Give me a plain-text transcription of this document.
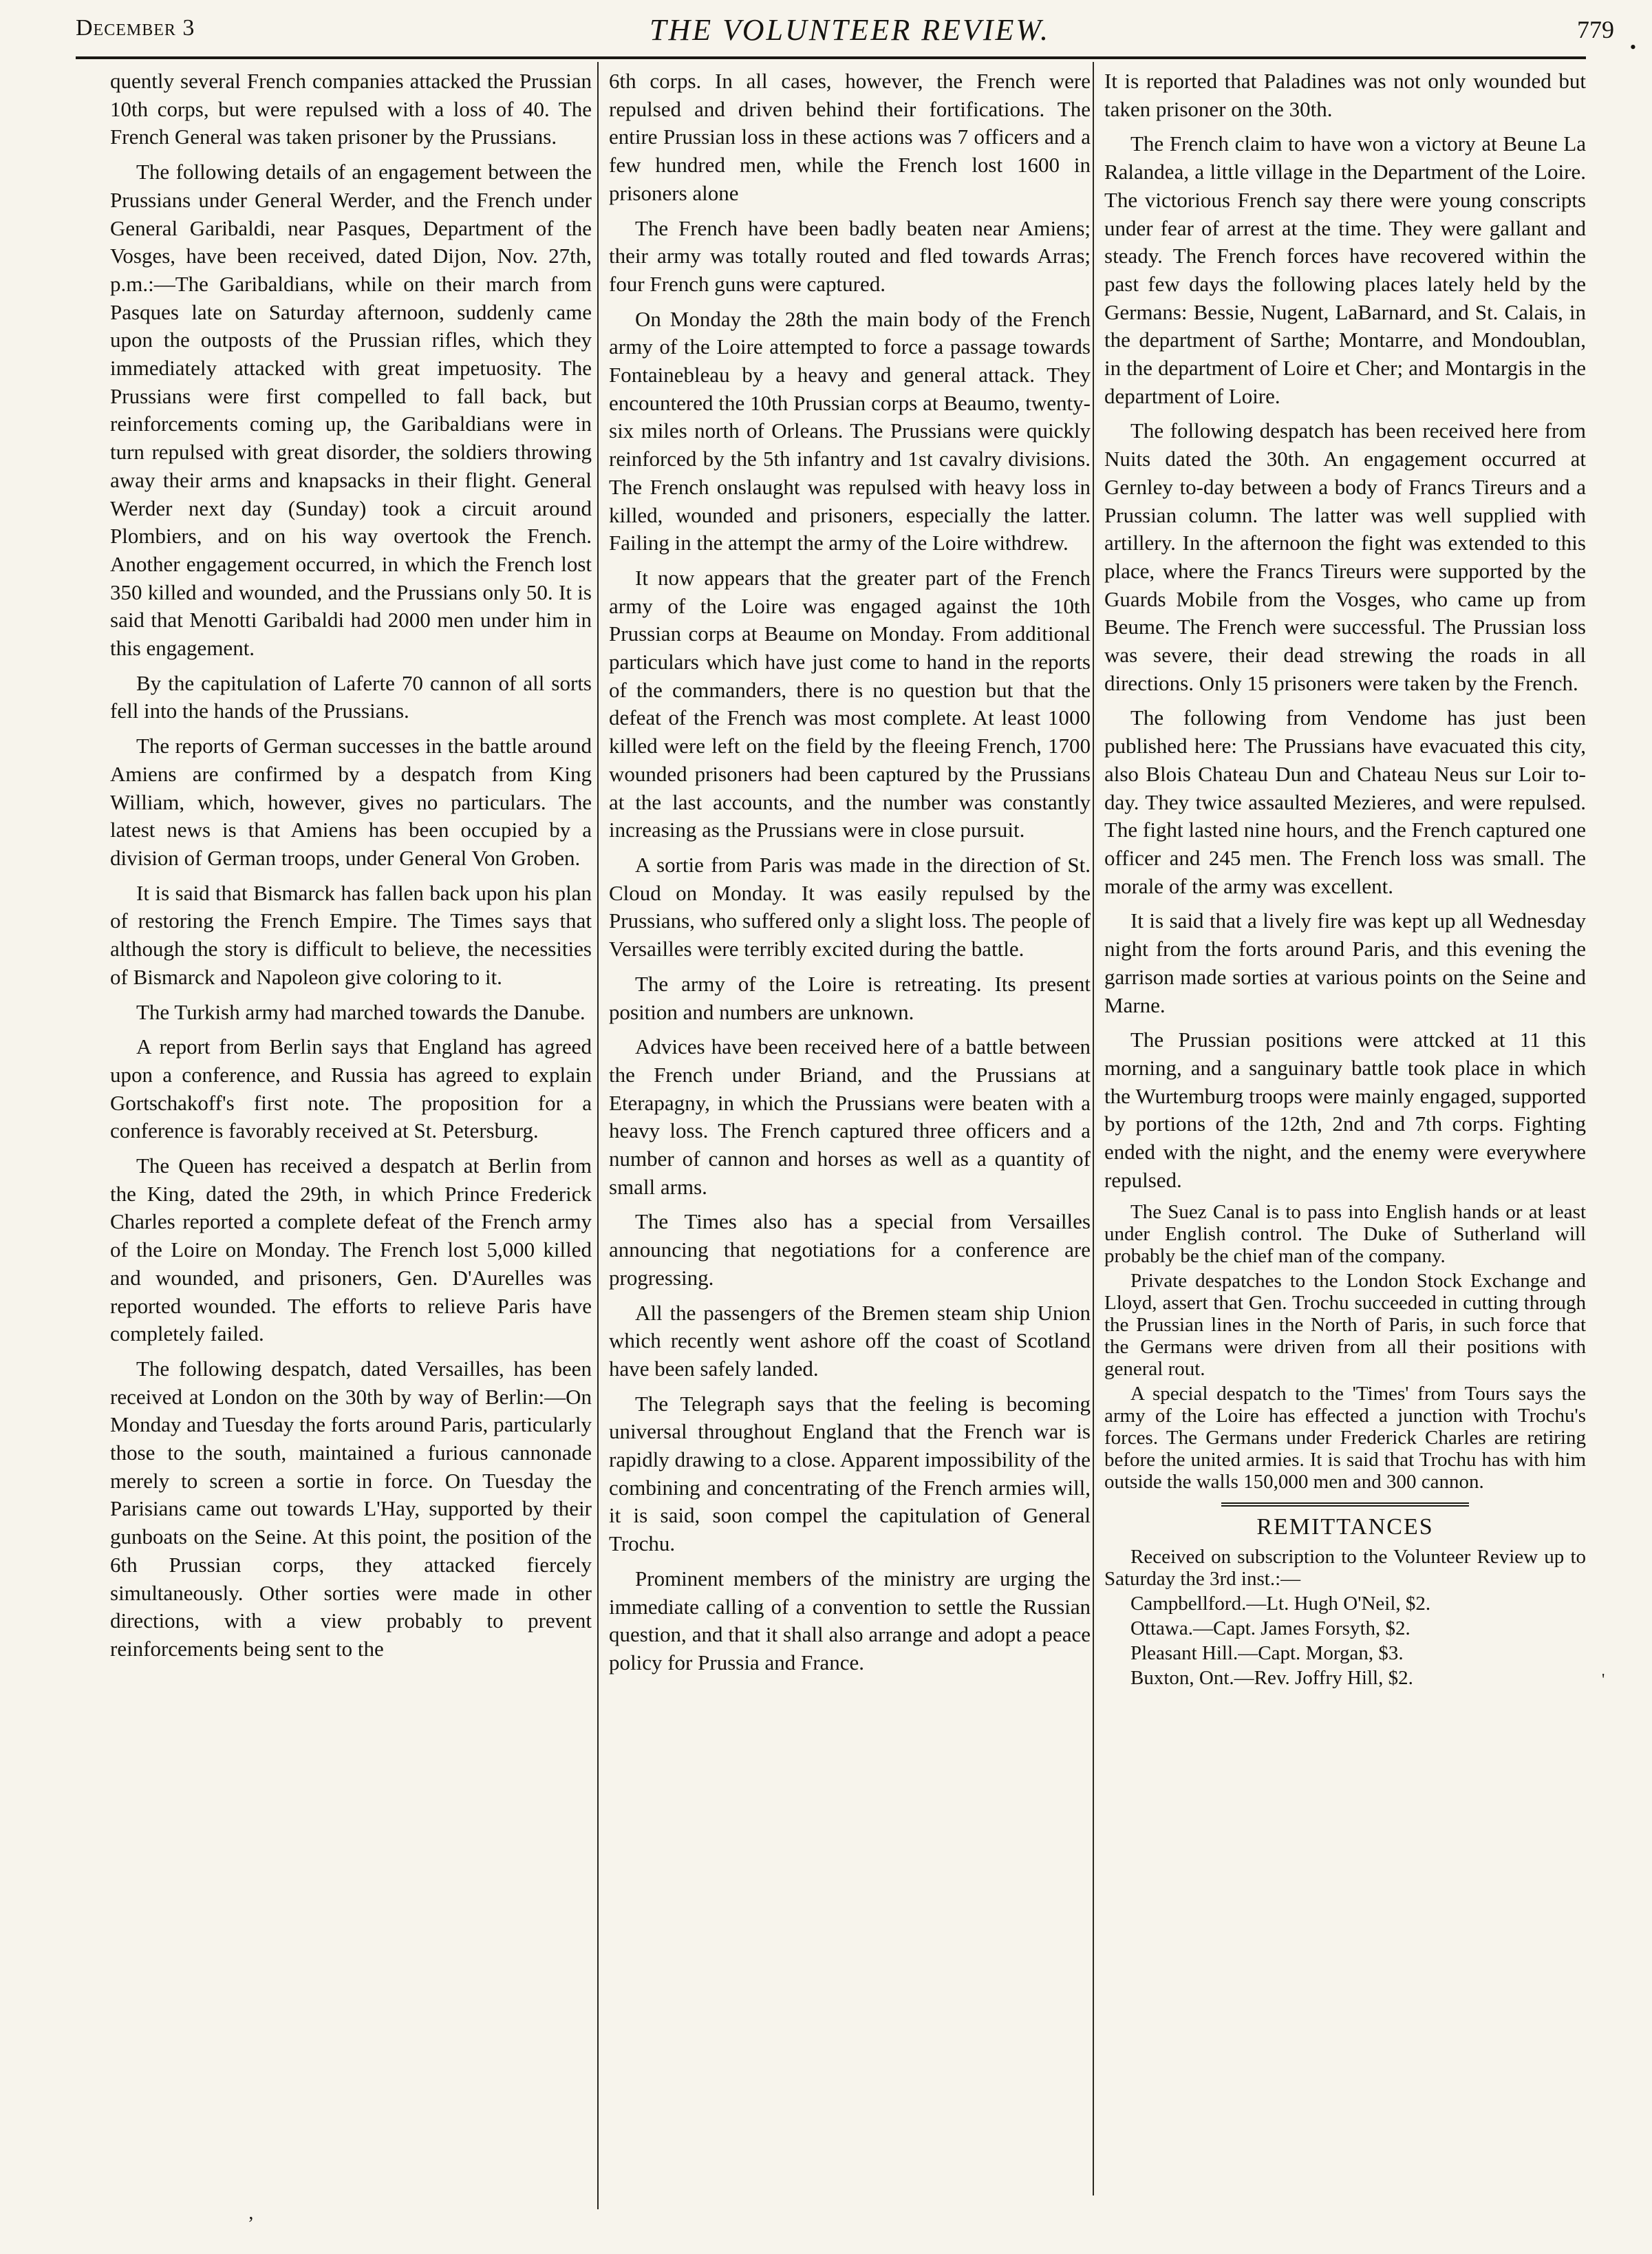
December 3	THE VOLUNTEER REVIEW.	779
•

quently several French companies attacked the Prussian 10th corps, but were repulsed with a loss of 40. The French General was taken prisoner by the Prussians.

The following details of an engagement between the Prussians under General Werder, and the French under General Garibaldi, near Pasques, Department of the Vosges, have been received, dated Dijon, Nov. 27th, p.m.:—The Garibaldians, while on their march from Pasques late on Saturday afternoon, suddenly came upon the outposts of the Prussian rifles, which they immediately attacked with great impetuosity. The Prussians were first compelled to fall back, but reinforcements coming up, the Garibaldians were in turn repulsed with great disorder, the soldiers throwing away their arms and knapsacks in their flight. General Werder next day (Sunday) took a circuit around Plombiers, and on his way overtook the French. Another engagement occurred, in which the French lost 350 killed and wounded, and the Prussians only 50. It is said that Menotti Garibaldi had 2000 men under him in this engagement.

By the capitulation of Laferte 70 cannon of all sorts fell into the hands of the Prussians.

The reports of German successes in the battle around Amiens are confirmed by a despatch from King William, which, however, gives no particulars. The latest news is that Amiens has been occupied by a division of German troops, under General Von Groben.

It is said that Bismarck has fallen back upon his plan of restoring the French Empire. The Times says that although the story is difficult to believe, the necessities of Bismarck and Napoleon give coloring to it.

The Turkish army had marched towards the Danube.

A report from Berlin says that England has agreed upon a conference, and Russia has agreed to explain Gortschakoff's first note. The proposition for a conference is favorably received at St. Petersburg.

The Queen has received a despatch at Berlin from the King, dated the 29th, in which Prince Frederick Charles reported a complete defeat of the French army of the Loire on Monday. The French lost 5,000 killed and wounded, and prisoners, Gen. D'Aurelles was reported wounded. The efforts to relieve Paris have completely failed.

The following despatch, dated Versailles, has been received at London on the 30th by way of Berlin:—On Monday and Tuesday the forts around Paris, particularly those to the south, maintained a furious cannonade merely to screen a sortie in force. On Tuesday the Parisians came out towards L'Hay, supported by their gunboats on the Seine. At this point, the position of the 6th Prussian corps, they attacked fiercely simultaneously. Other sorties were made in other directions, with a view probably to prevent reinforcements being sent to the

6th corps. In all cases, however, the French were repulsed and driven behind their fortifications. The entire Prussian loss in these actions was 7 officers and a few hundred men, while the French lost 1600 in prisoners alone

The French have been badly beaten near Amiens; their army was totally routed and fled towards Arras; four French guns were captured.

On Monday the 28th the main body of the French army of the Loire attempted to force a passage towards Fontainebleau by a heavy and general attack. They encountered the 10th Prussian corps at Beaumo, twenty-six miles north of Orleans. The Prussians were quickly reinforced by the 5th infantry and 1st cavalry divisions. The French onslaught was repulsed with heavy loss in killed, wounded and prisoners, especially the latter. Failing in the attempt the army of the Loire withdrew.

It now appears that the greater part of the French army of the Loire was engaged against the 10th Prussian corps at Beaume on Monday. From additional particulars which have just come to hand in the reports of the commanders, there is no question but that the defeat of the French was most complete. At least 1000 killed were left on the field by the fleeing French, 1700 wounded prisoners had been captured by the Prussians at the last accounts, and the number was constantly increasing as the Prussians were in close pursuit.

A sortie from Paris was made in the direction of St. Cloud on Monday. It was easily repulsed by the Prussians, who suffered only a slight loss. The people of Versailles were terribly excited during the battle.

The army of the Loire is retreating. Its present position and numbers are unknown.

Advices have been received here of a battle between the French under Briand, and the Prussians at Eterapagny, in which the Prussians were beaten with a heavy loss. The French captured three officers and a number of cannon and horses as well as a quantity of small arms.

The Times also has a special from Versailles announcing that negotiations for a conference are progressing.

All the passengers of the Bremen steam ship Union which recently went ashore off the coast of Scotland have been safely landed.

The Telegraph says that the feeling is becoming universal throughout England that the French war is rapidly drawing to a close. Apparent impossibility of the combining and concentrating of the French armies will, it is said, soon compel the capitulation of General Trochu.

Prominent members of the ministry are urging the immediate calling of a convention to settle the Russian question, and that it shall also arrange and adopt a peace policy for Prussia and France.

It is reported that Paladines was not only wounded but taken prisoner on the 30th.

The French claim to have won a victory at Beune La Ralandea, a little village in the Department of the Loire. The victorious French say there were young conscripts under fear of arrest at the time. They were gallant and steady. The French forces have recovered within the past few days the following places lately held by the Germans: Bessie, Nugent, LaBarnard, and St. Calais, in the department of Sarthe; Montarre, and Mondoublan, in the department of Loire et Cher; and Montargis in the department of Loire.

The following despatch has been received here from Nuits dated the 30th. An engagement occurred at Gernley to-day between a body of Francs Tireurs and a Prussian column. The latter was well supplied with artillery. In the afternoon the fight was extended to this place, where the Francs Tireurs were supported by the Guards Mobile from the Vosges, who came up from Beume. The French were successful. The Prussian loss was severe, their dead strewing the roads in all directions. Only 15 prisoners were taken by the French.

The following from Vendome has just been published here: The Prussians have evacuated this city, also Blois Chateau Dun and Chateau Neus sur Loir to-day. They twice assaulted Mezieres, and were repulsed. The fight lasted nine hours, and the French captured one officer and 245 men. The French loss was small. The morale of the army was excellent.

It is said that a lively fire was kept up all Wednesday night from the forts around Paris, and this evening the garrison made sorties at various points on the Seine and Marne.

The Prussian positions were attcked at 11 this morning, and a sanguinary battle took place in which the Wurtemburg troops were mainly engaged, supported by portions of the 12th, 2nd and 7th corps. Fighting ended with the night, and the enemy were everywhere repulsed.

The Suez Canal is to pass into English hands or at least under English control. The Duke of Sutherland will probably be the chief man of the company.

Private despatches to the London Stock Exchange and Lloyd, assert that Gen. Trochu succeeded in cutting through the Prussian lines in the North of Paris, in such force that the Germans were driven from all their positions with general rout.

A special despatch to the 'Times' from Tours says the army of the Loire has effected a junction with Trochu's forces. The Germans under Frederick Charles are retiring before the united armies. It is said that Trochu has with him outside the walls 150,000 men and 300 cannon.

REMITTANCES

Received on subscription to the Volunteer Review up to Saturday the 3rd inst.:—

Campbellford.—Lt. Hugh O'Neil, $2.

Ottawa.—Capt. James Forsyth, $2.

Pleasant Hill.—Capt. Morgan, $3.

Buxton, Ont.—Rev. Joffry Hill, $2.

‚
'
